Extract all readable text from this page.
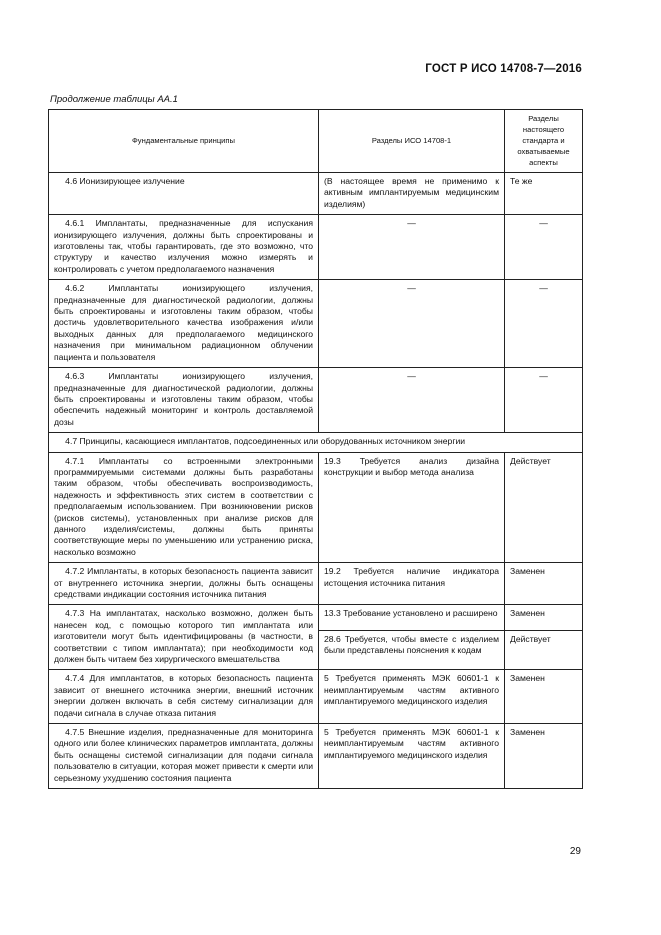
ГОСТ Р ИСО 14708-7—2016
Продолжение таблицы АА.1
Фундаментальные принципы	Разделы ИСО 14708-1	Разделы настоящего стандарта и охватываемые аспекты
4.6 Ионизирующее излучение	(В настоящее время не применимо к активным имплантируемым медицинским изделиям)	Те же
4.6.1 Имплантаты, предназначенные для испускания ионизирующего излучения, должны быть спроектированы и изготовлены так, чтобы гарантировать, где это возможно, что структуру и качество излучения можно измерять и контролировать с учетом предполагаемого назначения	—	—
4.6.2 Имплантаты ионизирующего излучения, предназначенные для диагностической радиологии, должны быть спроектированы и изготовлены таким образом, чтобы достичь удовлетворительного качества изображения и/или выходных данных для предполагаемого медицинского назначения при минимальном радиационном облучении пациента и пользователя	—	—
4.6.3 Имплантаты ионизирующего излучения, предназначенные для диагностической радиологии, должны быть спроектированы и изготовлены таким образом, чтобы обеспечить надежный мониторинг и контроль доставляемой дозы	—	—
4.7 Принципы, касающиеся имплантатов, подсоединенных или оборудованных источником энергии		
4.7.1 Имплантаты со встроенными электронными программируемыми системами должны быть разработаны таким образом, чтобы обеспечивать воспроизводимость, надежность и эффективность этих систем в соответствии с предполагаемым использованием. При возникновении рисков (рисков системы), установленных при анализе рисков для данного изделия/системы, должны быть приняты соответствующие меры по уменьшению или устранению риска, насколько возможно	19.3 Требуется анализ дизайна конструкции и выбор метода анализа	Действует
4.7.2 Имплантаты, в которых безопасность пациента зависит от внутреннего источника энергии, должны быть оснащены средствами индикации состояния источника питания	19.2 Требуется наличие индикатора истощения источника питания	Заменен
4.7.3 На имплантатах, насколько возможно, должен быть нанесен код, с помощью которого тип имплантата или изготовители могут быть идентифицированы (в частности, в соответствии с типом имплантата); при необходимости код должен быть читаем без хирургического вмешательства	13.3 Требование установлено и расширено	Заменен
	28.6 Требуется, чтобы вместе с изделием были представлены пояснения к кодам	Действует
4.7.4 Для имплантатов, в которых безопасность пациента зависит от внешнего источника энергии, внешний источник энергии должен включать в себя систему сигнализации для подачи сигнала в случае отказа питания	5 Требуется применять МЭК 60601-1 к неимплантируемым частям активного имплантируемого медицинского изделия	Заменен
4.7.5 Внешние изделия, предназначенные для мониторинга одного или более клинических параметров имплантата, должны быть оснащены системой сигнализации для подачи сигнала пользователю в ситуации, которая может привести к смерти или серьезному ухудшению состояния пациента	5 Требуется применять МЭК 60601-1 к неимплантируемым частям активного имплантируемого медицинского изделия	Заменен
29
